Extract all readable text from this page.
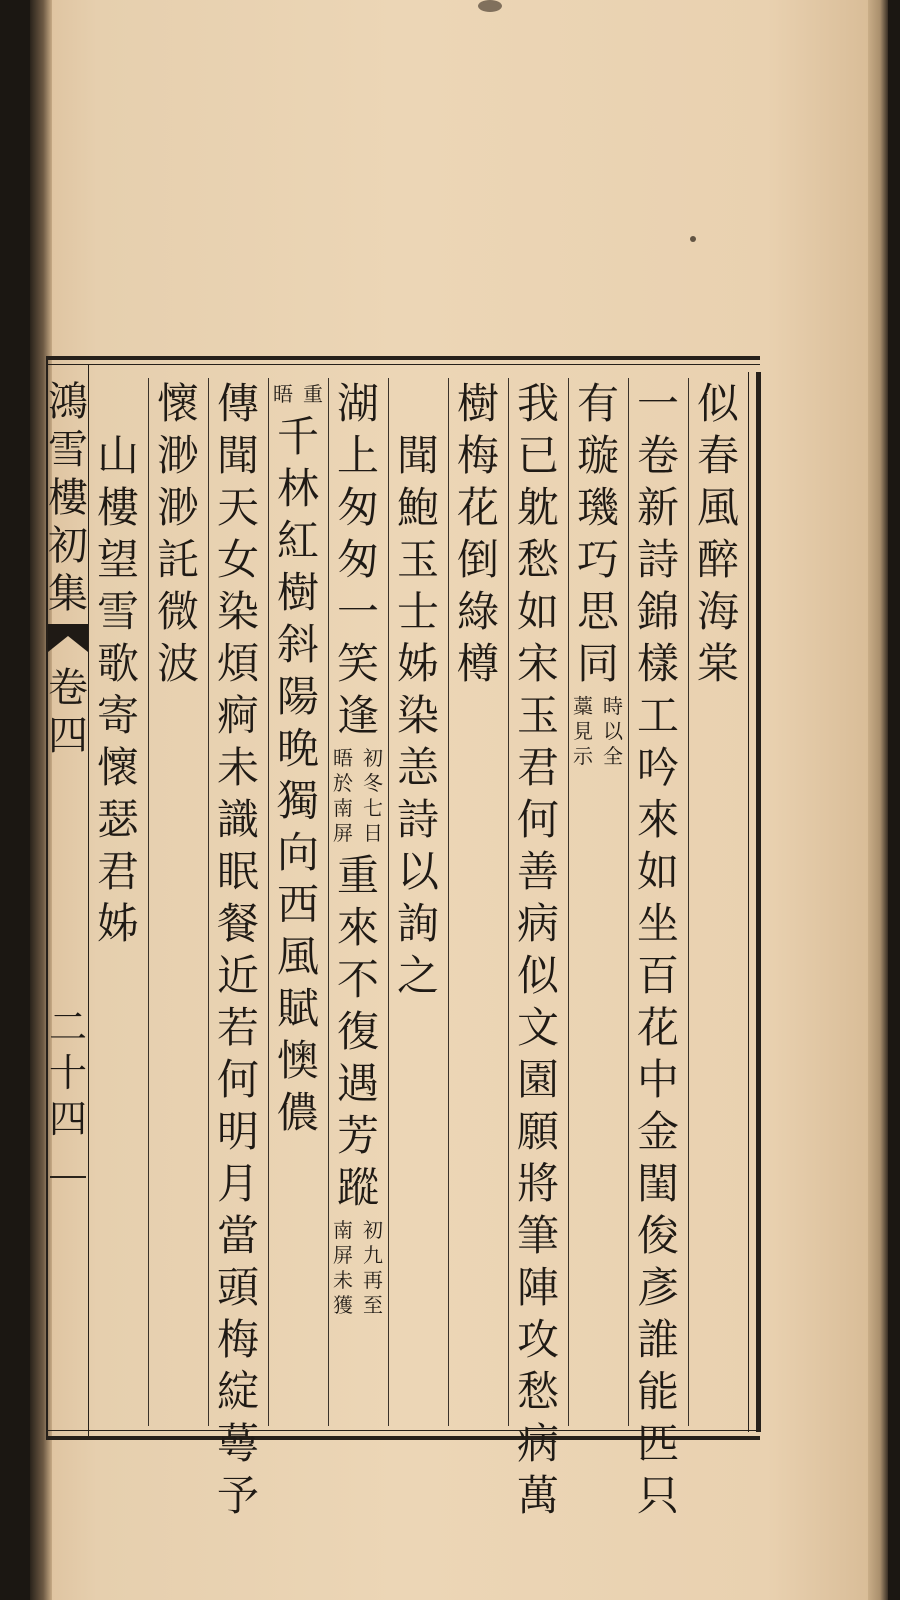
鴻雪樓初集
卷四
二十四
似春風醉海棠
一卷新詩錦樣工吟來如坐百花中金閨俊彥誰能匹只
有璇璣巧思同
時以全
藁見示
我已躭愁如宋玉君何善病似文園願將筆陣攻愁病萬
樹梅花倒綠樽
　聞鮑玉士姊染恙詩以詢之
湖上匆匆一笑逢
初冬七日
晤於南屏
重來不復遇芳蹤
初九再至
南屏未獲
重
晤
千林紅樹斜陽晚獨向西風賦懊儂
傳聞天女染煩痾未識眠餐近若何明月當頭梅綻蕚予
懷渺渺託微波
　山樓望雪歌寄懷瑟君姊
